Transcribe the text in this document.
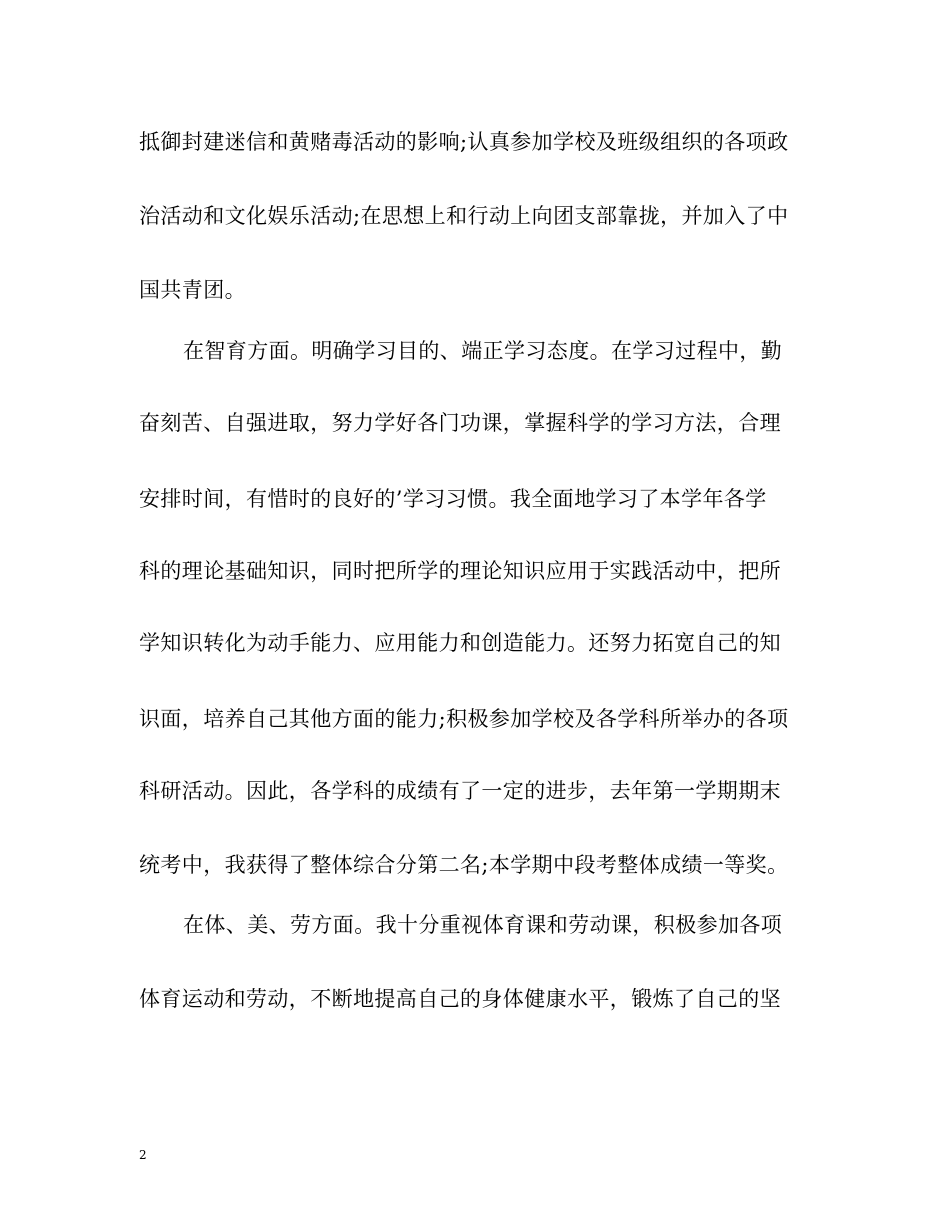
抵御封建迷信和黄赌毒活动的影响;认真参加学校及班级组织的各项政
治活动和文化娱乐活动;在思想上和行动上向团支部靠拢，并加入了中
国共青团。
在智育方面。明确学习目的、端正学习态度。在学习过程中，勤
奋刻苦、自强进取，努力学好各门功课，掌握科学的学习方法，合理
安排时间，有惜时的良好的’学习习惯。我全面地学习了本学年各学
科的理论基础知识，同时把所学的理论知识应用于实践活动中，把所
学知识转化为动手能力、应用能力和创造能力。还努力拓宽自己的知
识面，培养自己其他方面的能力;积极参加学校及各学科所举办的各项
科研活动。因此，各学科的成绩有了一定的进步，去年第一学期期末
统考中，我获得了整体综合分第二名;本学期中段考整体成绩一等奖。
在体、美、劳方面。我十分重视体育课和劳动课，积极参加各项
体育运动和劳动，不断地提高自己的身体健康水平，锻炼了自己的坚
2
